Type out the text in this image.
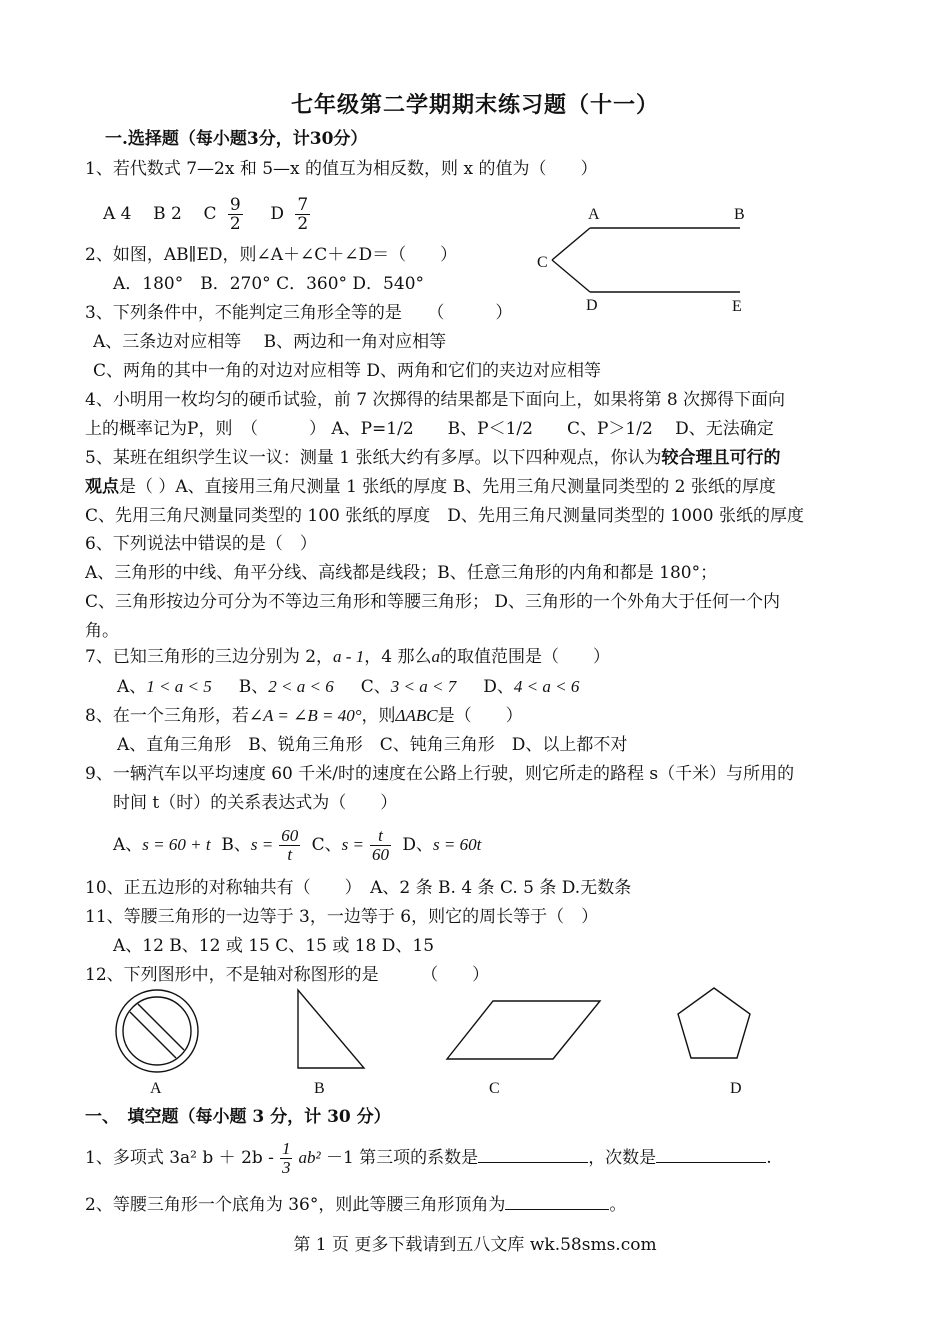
七年级第二学期期末练习题（十一）
一.选择题（每小题3分，计30分）
1、若代数式 7—2x 和 5—x 的值互为相反数，则 x 的值为（　　）
A 4 B 2 C $\frac{9}{2}$ D $\frac{7}{2}$	A	B
C
D	E
2、如图，AB∥ED，则∠A＋∠C＋∠D＝（　　）
A．180°　B．270° C．360° D．540°
3、下列条件中，不能判定三角形全等的是　　（　　　）
A、三条边对应相等　 B、两边和一角对应相等
C、两角的其中一角的对边对应相等 D、两角和它们的夹边对应相等
4、小明用一枚均匀的硬币试验，前 7 次掷得的结果都是下面向上，如果将第 8 次掷得下面向
上的概率记为P，则　（　　　） A、P=1/2　　B、P＜1/2　　C、P＞1/2　 D、无法确定
5、某班在组织学生议一议：测量 1 张纸大约有多厚。以下四种观点，你认为较合理且可行的
观点是（ ）A、直接用三角尺测量 1 张纸的厚度 B、先用三角尺测量同类型的 2 张纸的厚度
C、先用三角尺测量同类型的 100 张纸的厚度　D、先用三角尺测量同类型的 1000 张纸的厚度
6、下列说法中错误的是（　）
A、三角形的中线、角平分线、高线都是线段；B、任意三角形的内角和都是 180°；
C、三角形按边分可分为不等边三角形和等腰三角形； D、三角形的一个外角大于任何一个内
角。
7、已知三角形的三边分别为 2，a - 1，4 那么a的取值范围是（　　）
A、1 < a < 5 B、2 < a < 6 C、3 < a < 7 D、4 < a < 6
8、在一个三角形，若∠A = ∠B = 40°，则ΔABC是（　　）
A、直角三角形　B、锐角三角形　C、钝角三角形　D、以上都不对
9、一辆汽车以平均速度 60 千米/时的速度在公路上行驶，则它所走的路程 s（千米）与所用的
时间 t（时）的关系表达式为（　　）
A、s = 60 + t B、$s = \frac{60}{t}$ C、$s = \frac{t}{60}$ D、s = 60t
10、正五边形的对称轴共有（　　）　A、2 条 B. 4 条 C. 5 条 D.无数条
11、等腰三角形的一边等于 3，一边等于 6，则它的周长等于（　）
A、12 B、12 或 15 C、15 或 18 D、15
12、下列图形中，不是轴对称图形的是　　　（　　）
A	B	C	D
一、　填空题（每小题 3 分，计 30 分）
1、多项式 3a² $b + 2b - \frac{1}{3} ab^2 -1$ 第三项的系数是	，次数是	.
2、等腰三角形一个底角为 36°，则此等腰三角形顶角为	。
第 1 页 更多下载请到五八文库 wk.58sms.com
